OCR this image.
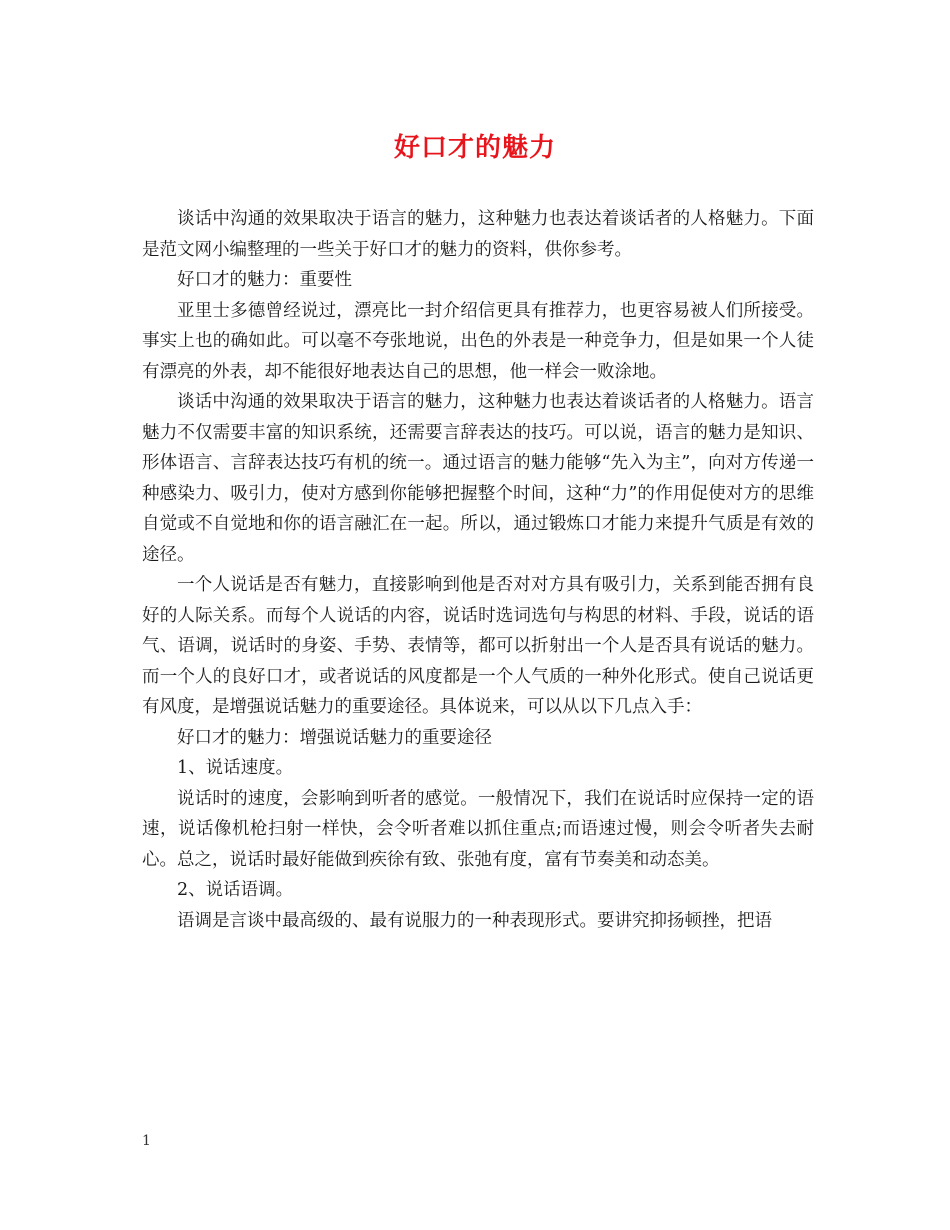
好口才的魅力

谈话中沟通的效果取决于语言的魅力，这种魅力也表达着谈话者的人格魅力。下面是范文网小编整理的一些关于好口才的魅力的资料，供你参考。

好口才的魅力：重要性

亚里士多德曾经说过，漂亮比一封介绍信更具有推荐力，也更容易被人们所接受。事实上也的确如此。可以毫不夸张地说，出色的外表是一种竞争力，但是如果一个人徒有漂亮的外表，却不能很好地表达自己的思想，他一样会一败涂地。

谈话中沟通的效果取决于语言的魅力，这种魅力也表达着谈话者的人格魅力。语言魅力不仅需要丰富的知识系统，还需要言辞表达的技巧。可以说，语言的魅力是知识、形体语言、言辞表达技巧有机的统一。通过语言的魅力能够“先入为主”，向对方传递一种感染力、吸引力，使对方感到你能够把握整个时间，这种“力”的作用促使对方的思维自觉或不自觉地和你的语言融汇在一起。所以，通过锻炼口才能力来提升气质是有效的途径。

一个人说话是否有魅力，直接影响到他是否对对方具有吸引力，关系到能否拥有良好的人际关系。而每个人说话的内容，说话时选词选句与构思的材料、手段，说话的语气、语调，说话时的身姿、手势、表情等，都可以折射出一个人是否具有说话的魅力。而一个人的良好口才，或者说话的风度都是一个人气质的一种外化形式。使自己说话更有风度，是增强说话魅力的重要途径。具体说来，可以从以下几点入手：

好口才的魅力：增强说话魅力的重要途径

1、说话速度。

说话时的速度，会影响到听者的感觉。一般情况下，我们在说话时应保持一定的语速，说话像机枪扫射一样快，会令听者难以抓住重点;而语速过慢，则会令听者失去耐心。总之，说话时最好能做到疾徐有致、张弛有度，富有节奏美和动态美。

2、说话语调。

语调是言谈中最高级的、最有说服力的一种表现形式。要讲究抑扬顿挫，把语

1
